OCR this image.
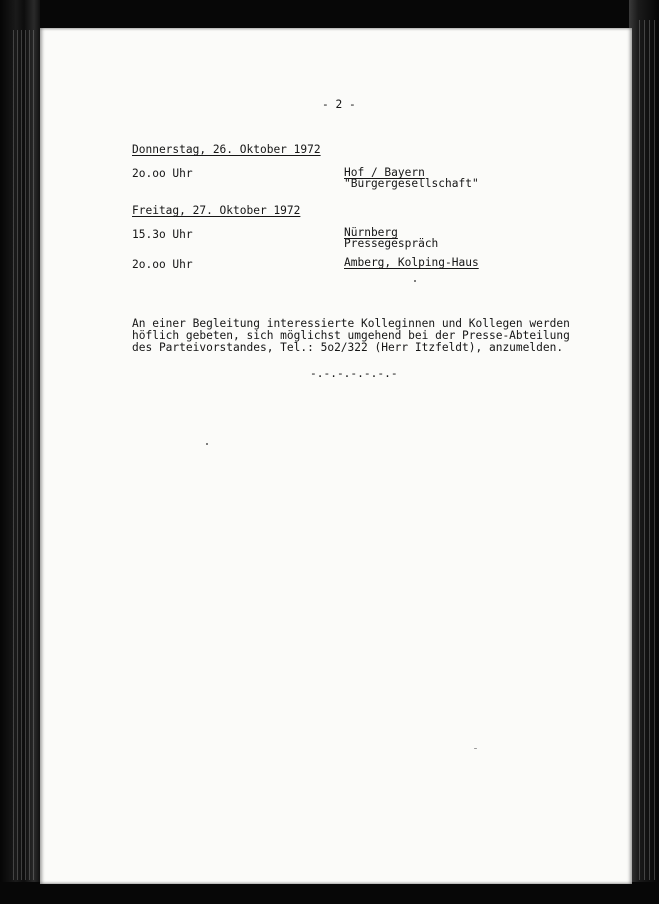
- 2 -
Donnerstag, 26. Oktober 1972
2o.oo Uhr	Hof / Bayern
"Bürgergesellschaft"
Freitag, 27. Oktober 1972
15.3o Uhr	Nürnberg
Pressegespräch
2o.oo Uhr	Amberg, Kolping-Haus
An einer Begleitung interessierte Kolleginnen und Kollegen werden
höflich gebeten, sich möglichst umgehend bei der Presse-Abteilung
des Parteivorstandes, Tel.: 5o2/322 (Herr Itzfeldt), anzumelden.
-.-.-.-.-.-.-
